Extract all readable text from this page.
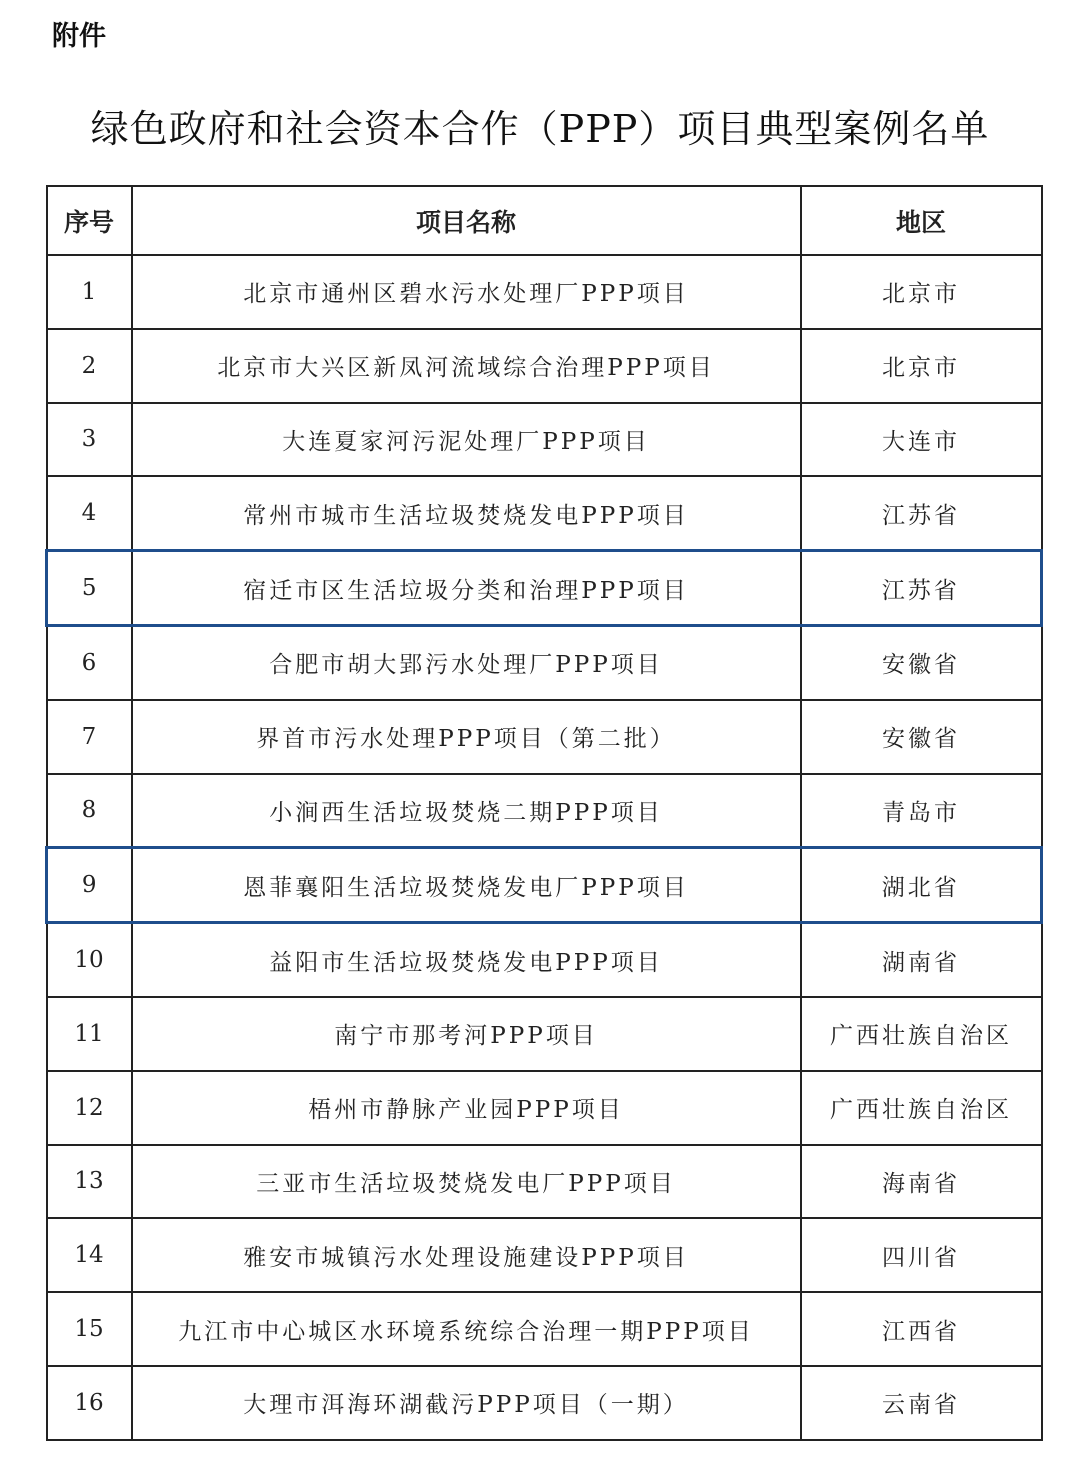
附件
绿色政府和社会资本合作（PPP）项目典型案例名单
序号	项目名称	地区
1	北京市通州区碧水污水处理厂PPP项目	北京市
2	北京市大兴区新凤河流域综合治理PPP项目	北京市
3	大连夏家河污泥处理厂PPP项目	大连市
4	常州市城市生活垃圾焚烧发电PPP项目	江苏省
5	宿迁市区生活垃圾分类和治理PPP项目	江苏省
6	合肥市胡大郢污水处理厂PPP项目	安徽省
7	界首市污水处理PPP项目（第二批）	安徽省
8	小涧西生活垃圾焚烧二期PPP项目	青岛市
9	恩菲襄阳生活垃圾焚烧发电厂PPP项目	湖北省
10	益阳市生活垃圾焚烧发电PPP项目	湖南省
11	南宁市那考河PPP项目	广西壮族自治区
12	梧州市静脉产业园PPP项目	广西壮族自治区
13	三亚市生活垃圾焚烧发电厂PPP项目	海南省
14	雅安市城镇污水处理设施建设PPP项目	四川省
15	九江市中心城区水环境系统综合治理一期PPP项目	江西省
16	大理市洱海环湖截污PPP项目（一期）	云南省
